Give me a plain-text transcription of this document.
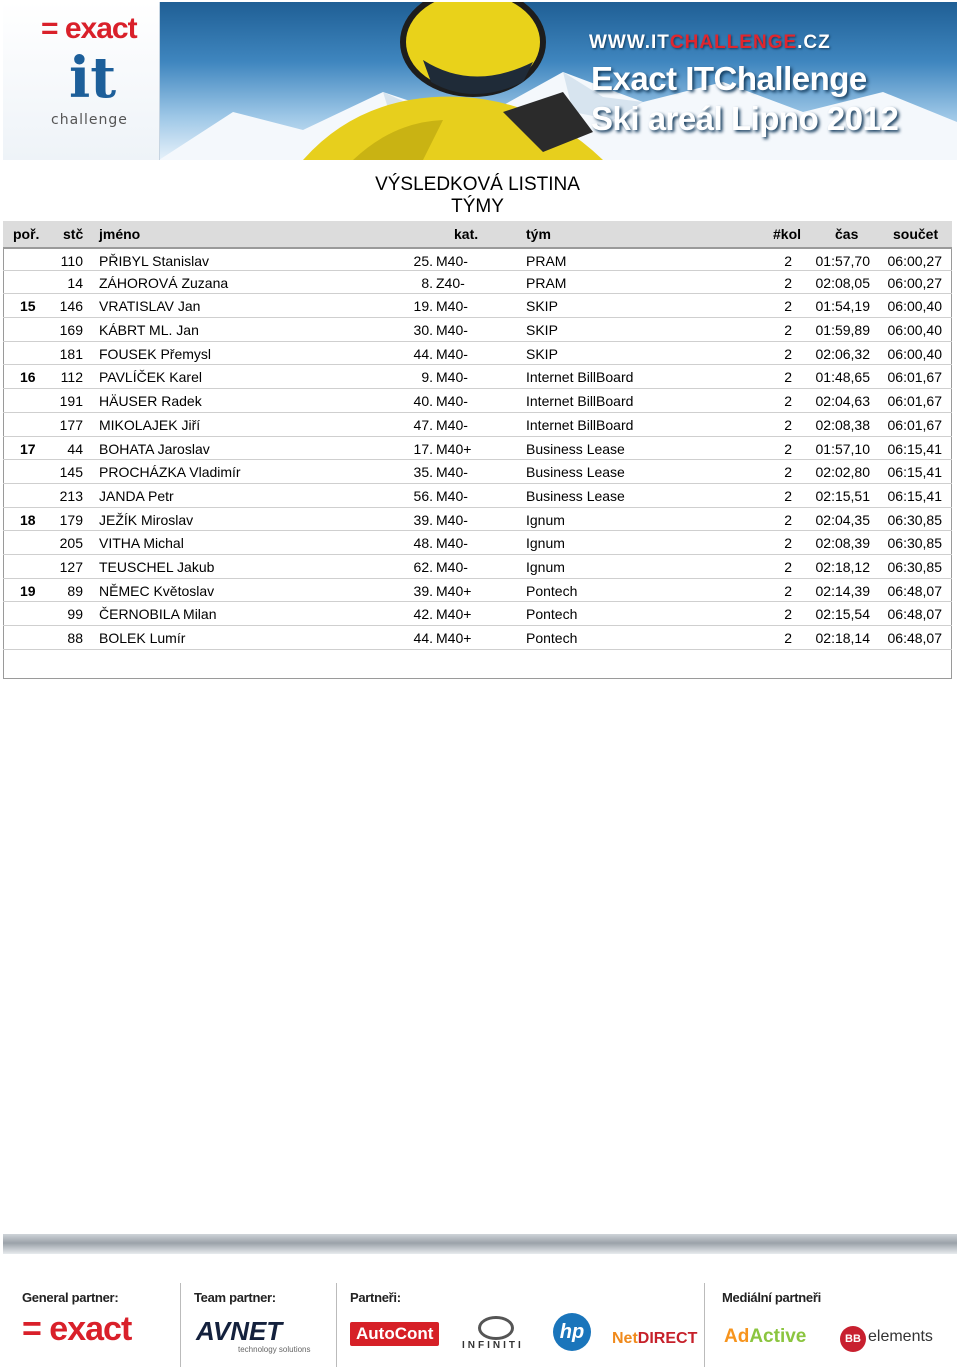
= exact
it
challenge
WWW.ITCHALLENGE.CZ
Exact ITChallenge
Ski areál Lipno 2012
VÝSLEDKOVÁ LISTINA
TÝMY
poř. stč jméno	kat.	tým	#kol čas součet
110 PŘIBYL Stanislav	25. M40-	PRAM	2	01:57,70	06:00,27
14 ZÁHOROVÁ Zuzana	8. Z40-	PRAM	2	02:08,05	06:00,27
15	146 VRATISLAV Jan	19. M40-	SKIP	2	01:54,19	06:00,40
169 KÁBRT ML. Jan	30. M40-	SKIP	2	01:59,89	06:00,40
181 FOUSEK Přemysl	44. M40-	SKIP	2	02:06,32	06:00,40
16	112 PAVLÍČEK Karel	9. M40-	Internet BillBoard	2	01:48,65	06:01,67
191 HÄUSER Radek	40. M40-	Internet BillBoard	2	02:04,63	06:01,67
177 MIKOLAJEK Jiří	47. M40-	Internet BillBoard	2	02:08,38	06:01,67
17	44 BOHATA Jaroslav	17. M40+	Business Lease	2	01:57,10	06:15,41
145 PROCHÁZKA Vladimír	35. M40-	Business Lease	2	02:02,80	06:15,41
213 JANDA Petr	56. M40-	Business Lease	2	02:15,51	06:15,41
18	179 JEŽÍK Miroslav	39. M40-	Ignum	2	02:04,35	06:30,85
205 VITHA Michal	48. M40-	Ignum	2	02:08,39	06:30,85
127 TEUSCHEL Jakub	62. M40-	Ignum	2	02:18,12	06:30,85
19	89 NĚMEC Květoslav	39. M40+	Pontech	2	02:14,39	06:48,07
99 ČERNOBILA Milan	42. M40+	Pontech	2	02:15,54	06:48,07
88 BOLEK Lumír	44. M40+	Pontech	2	02:18,14	06:48,07
General partner:	Team partner:	Partneři:	Mediální partneři
= exact AVNET
technology solutions
AutoCont
INFINITI
hp	NetDIRECT AdActive	BB elements
